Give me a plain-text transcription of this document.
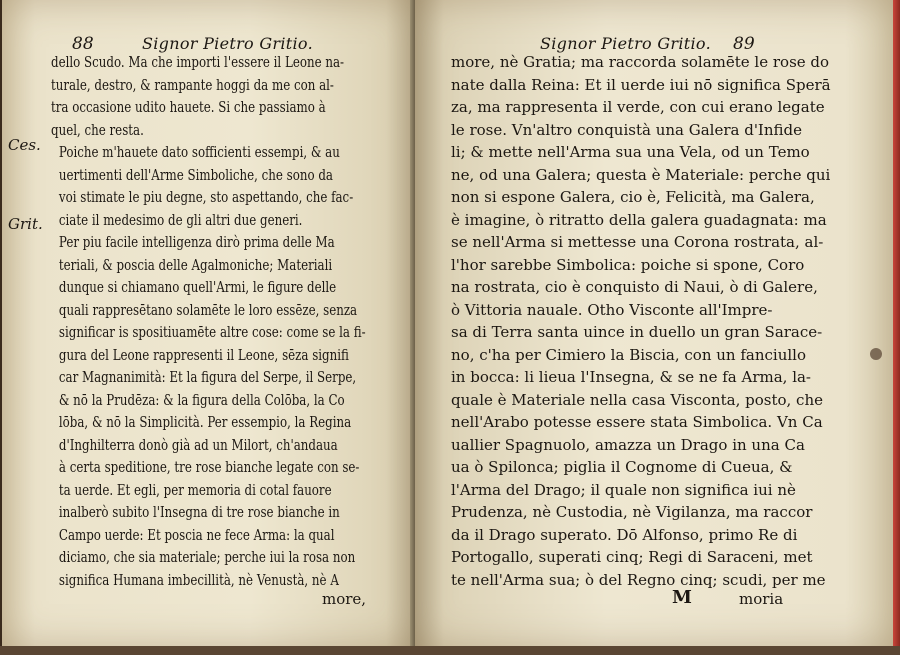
88	Signor Pietro Gritio.
Ces.
Grit.
dello Scudo. Ma che importi l'essere il Leone na-
turale, destro, & rampante hoggi da me con al-
tra occasione udito hauete. Si che passiamo à
quel, che resta.
Poiche m'hauete dato sofficienti essempi, & au
uertimenti dell'Arme Simboliche, che sono da
voi stimate le piu degne, sto aspettando, che fac-
ciate il medesimo de gli altri due generi.
Per piu facile intelligenza dirò prima delle Ma
teriali, & poscia delle Agalmoniche; Materiali
dunque si chiamano quell'Armi, le figure delle
quali rappresētano solamēte le loro essēze, senza
significar is spositiuamēte altre cose: come se la fi-
gura del Leone rappresenti il Leone, sēza signifi
car Magnanimità: Et la figura del Serpe, il Serpe,
& nō la Prudēza: & la figura della Colōba, la Co
lōba, & nō la Simplicità. Per essempio, la Regina
d'Inghilterra donò già ad un Milort, ch'andaua
à certa speditione, tre rose bianche legate con se-
ta uerde. Et egli, per memoria di cotal fauore
inalberò subito l'Insegna di tre rose bianche in
Campo uerde: Et poscia ne fece Arma: la qual
diciamo, che sia materiale; perche iui la rosa non
significa Humana imbecillità, nè Venustà, nè A
more,
Signor Pietro Gritio. 89
more, nè Gratia; ma raccorda solamēte le rose do
nate dalla Reina: Et il uerde iui nō significa Sperā
za, ma rappresenta il verde, con cui erano legate
le rose. Vn'altro conquistà una Galera d'Infide
li; & mette nell'Arma sua una Vela, od un Temo
ne, od una Galera; questa è Materiale: perche qui
non si espone Galera, cio è, Felicità, ma Galera,
è imagine, ò ritratto della galera guadagnata: ma
se nell'Arma si mettesse una Corona rostrata, al-
l'hor sarebbe Simbolica: poiche si spone, Coro
na rostrata, cio è conquisto di Naui, ò di Galere,
ò Vittoria nauale. Otho Visconte all'Impre-
sa di Terra santa uince in duello un gran Sarace-
no, c'ha per Cimiero la Biscia, con un fanciullo
in bocca: li lieua l'Insegna, & se ne fa Arma, la-
quale è Materiale nella casa Visconta, posto, che
nell'Arabo potesse essere stata Simbolica. Vn Ca
uallier Spagnuolo, amazza un Drago in una Ca
ua ò Spilonca; piglia il Cognome di Cueua, &
l'Arma del Drago; il quale non significa iui nè
Prudenza, nè Custodia, nè Vigilanza, ma raccor
da il Drago superato. Dō Alfonso, primo Re di
Portogallo, superati cinq; Regi di Saraceni, met
te nell'Arma sua; ò del Regno cinq; scudi, per me
M	moria
